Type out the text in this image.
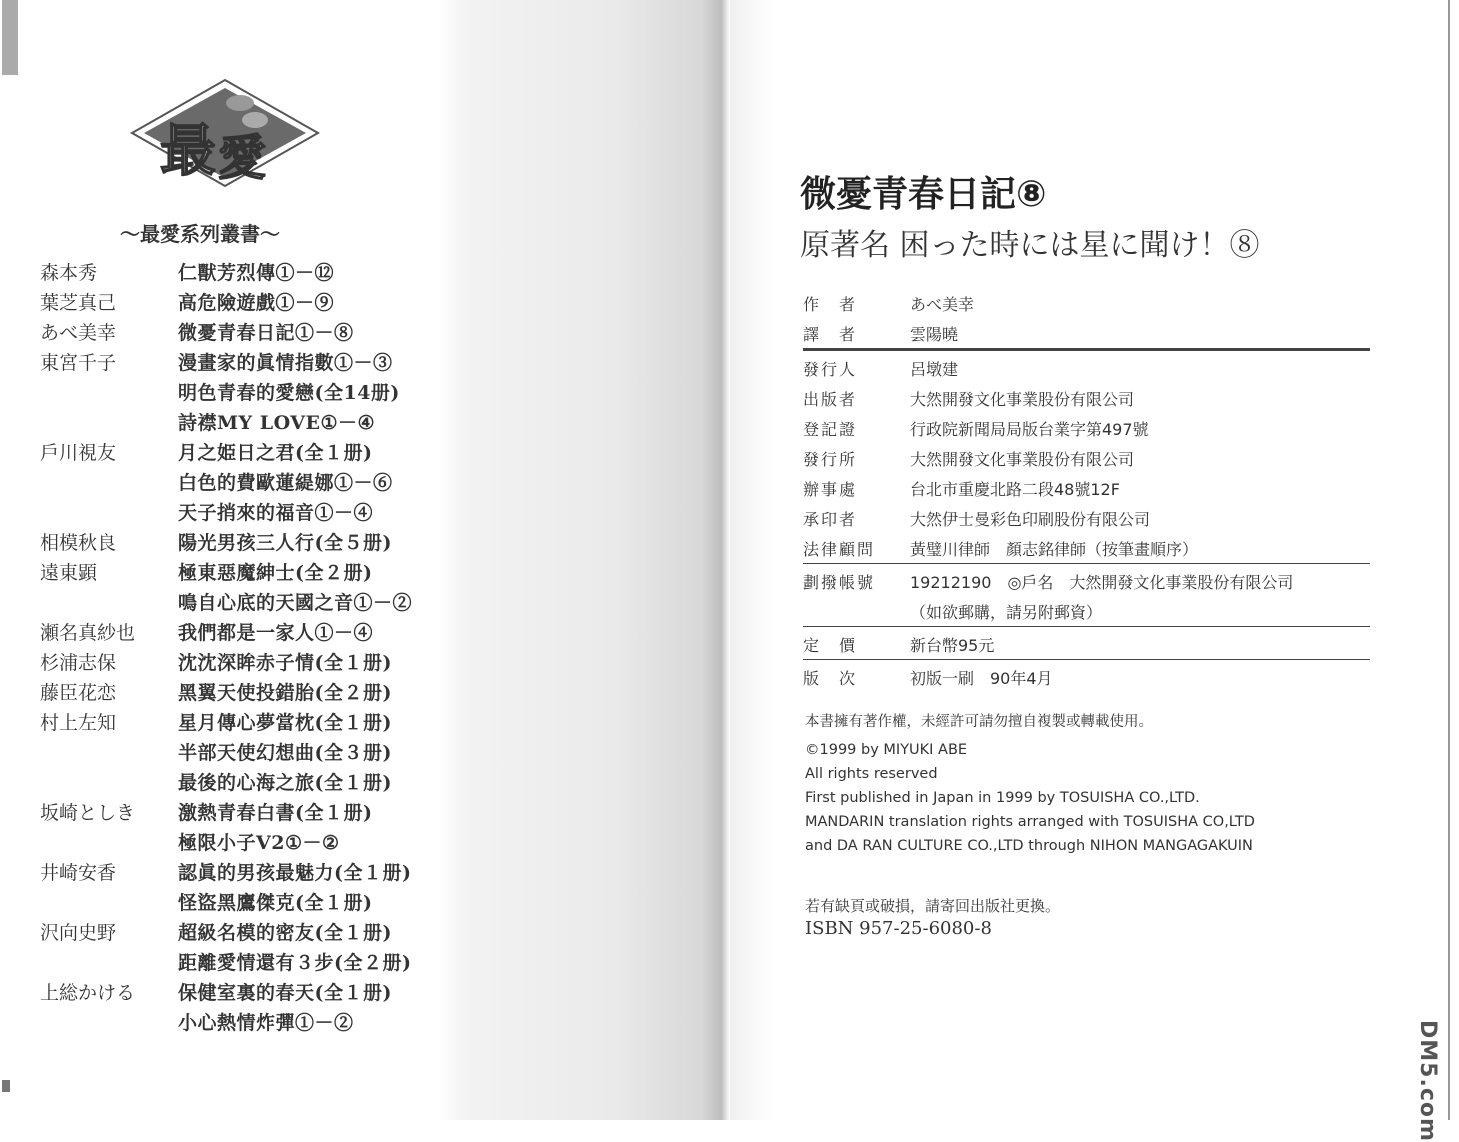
最 愛
～最愛系列叢書～
森本秀	仁獸芳烈傳①－⑫
葉芝真己	高危險遊戲①－⑨
あべ美幸	微憂青春日記①－⑧
東宮千子	漫畫家的眞情指數①－③
明色青春的愛戀(全14册)
詩襟MY LOVE①－④
戶川視友	月之姫日之君(全１册)
白色的費歐蓮緹娜①－⑥
天子捎來的福音①－④
相模秋良	陽光男孩三人行(全５册)
遠東顕	極東惡魔紳士(全２册)
鳴自心底的天國之音①－②
瀬名真紗也	我們都是一家人①－④
杉浦志保	沈沈深眸赤子情(全１册)
藤臣花恋	黑翼天使投錯胎(全２册)
村上左知	星月傳心夢當枕(全１册)
半部天使幻想曲(全３册)
最後的心海之旅(全１册)
坂崎としき	激熱青春白書(全１册)
極限小子V2①－②
井崎安香	認眞的男孩最魅力(全１册)
怪盜黑鷹傑克(全１册)
沢向史野	超級名模的密友(全１册)
距離愛情還有３步(全２册)
上総かける	保健室裏的春天(全１册)
小心熱情炸彈①－②
微憂青春日記⑧
原著名 困った時には星に聞け！⑧
作　者	あべ美幸
譯　者	雲陽曉
發行人	呂墩建
出版者	大然開發文化事業股份有限公司
登記證	行政院新聞局局版台業字第497號
發行所	大然開發文化事業股份有限公司
辦事處	台北市重慶北路二段48號12F
承印者	大然伊士曼彩色印刷股份有限公司
法律顧問	黃璧川律師　顏志銘律師（按筆畫順序）
劃撥帳號	19212190　◎戶名　大然開發文化事業股份有限公司
（如欲郵購，請另附郵資）
定　價	新台幣95元
版　次	初版一刷　90年4月
本書擁有著作權，未經許可請勿擅自複製或轉載使用。
©1999 by MIYUKI ABE
All rights reserved
First published in Japan in 1999 by TOSUISHA CO.,LTD.
MANDARIN translation rights arranged with TOSUISHA CO,LTD
and DA RAN CULTURE CO.,LTD through NIHON MANGAGAKUIN
若有缺頁或破損，請寄回出版社更換。
ISBN 957-25-6080-8
DM5.com
